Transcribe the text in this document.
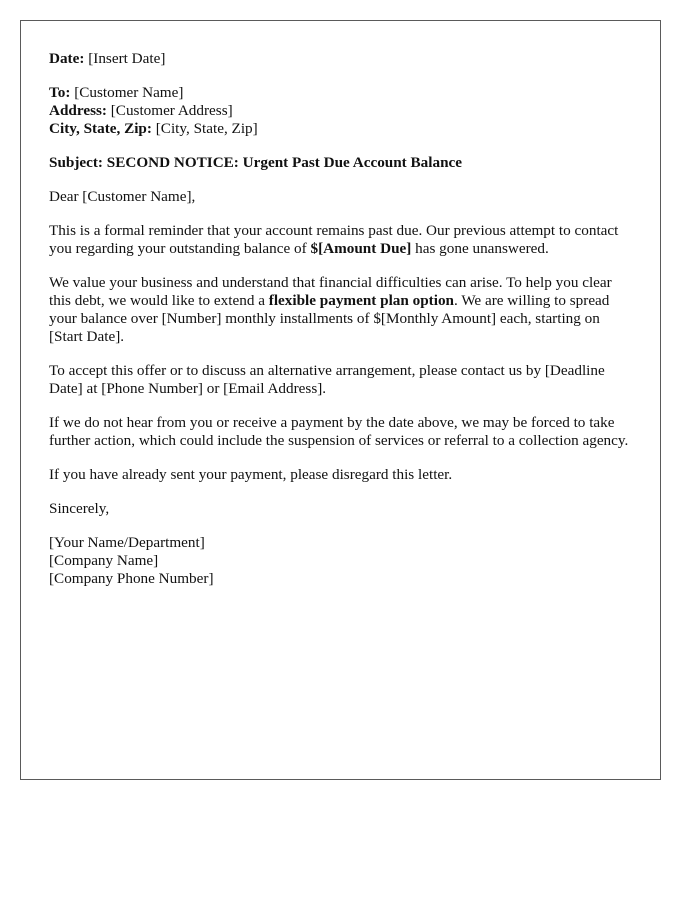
Date: [Insert Date]

To: [Customer Name]
Address: [Customer Address]
City, State, Zip: [City, State, Zip]

Subject: SECOND NOTICE: Urgent Past Due Account Balance

Dear [Customer Name],

This is a formal reminder that your account remains past due. Our previous attempt to contact you regarding your outstanding balance of $[Amount Due] has gone unanswered.

We value your business and understand that financial difficulties can arise. To help you clear this debt, we would like to extend a flexible payment plan option. We are willing to spread your balance over [Number] monthly installments of $[Monthly Amount] each, starting on [Start Date].

To accept this offer or to discuss an alternative arrangement, please contact us by [Deadline Date] at [Phone Number] or [Email Address].

If we do not hear from you or receive a payment by the date above, we may be forced to take further action, which could include the suspension of services or referral to a collection agency.

If you have already sent your payment, please disregard this letter.

Sincerely,

[Your Name/Department]
[Company Name]
[Company Phone Number]
